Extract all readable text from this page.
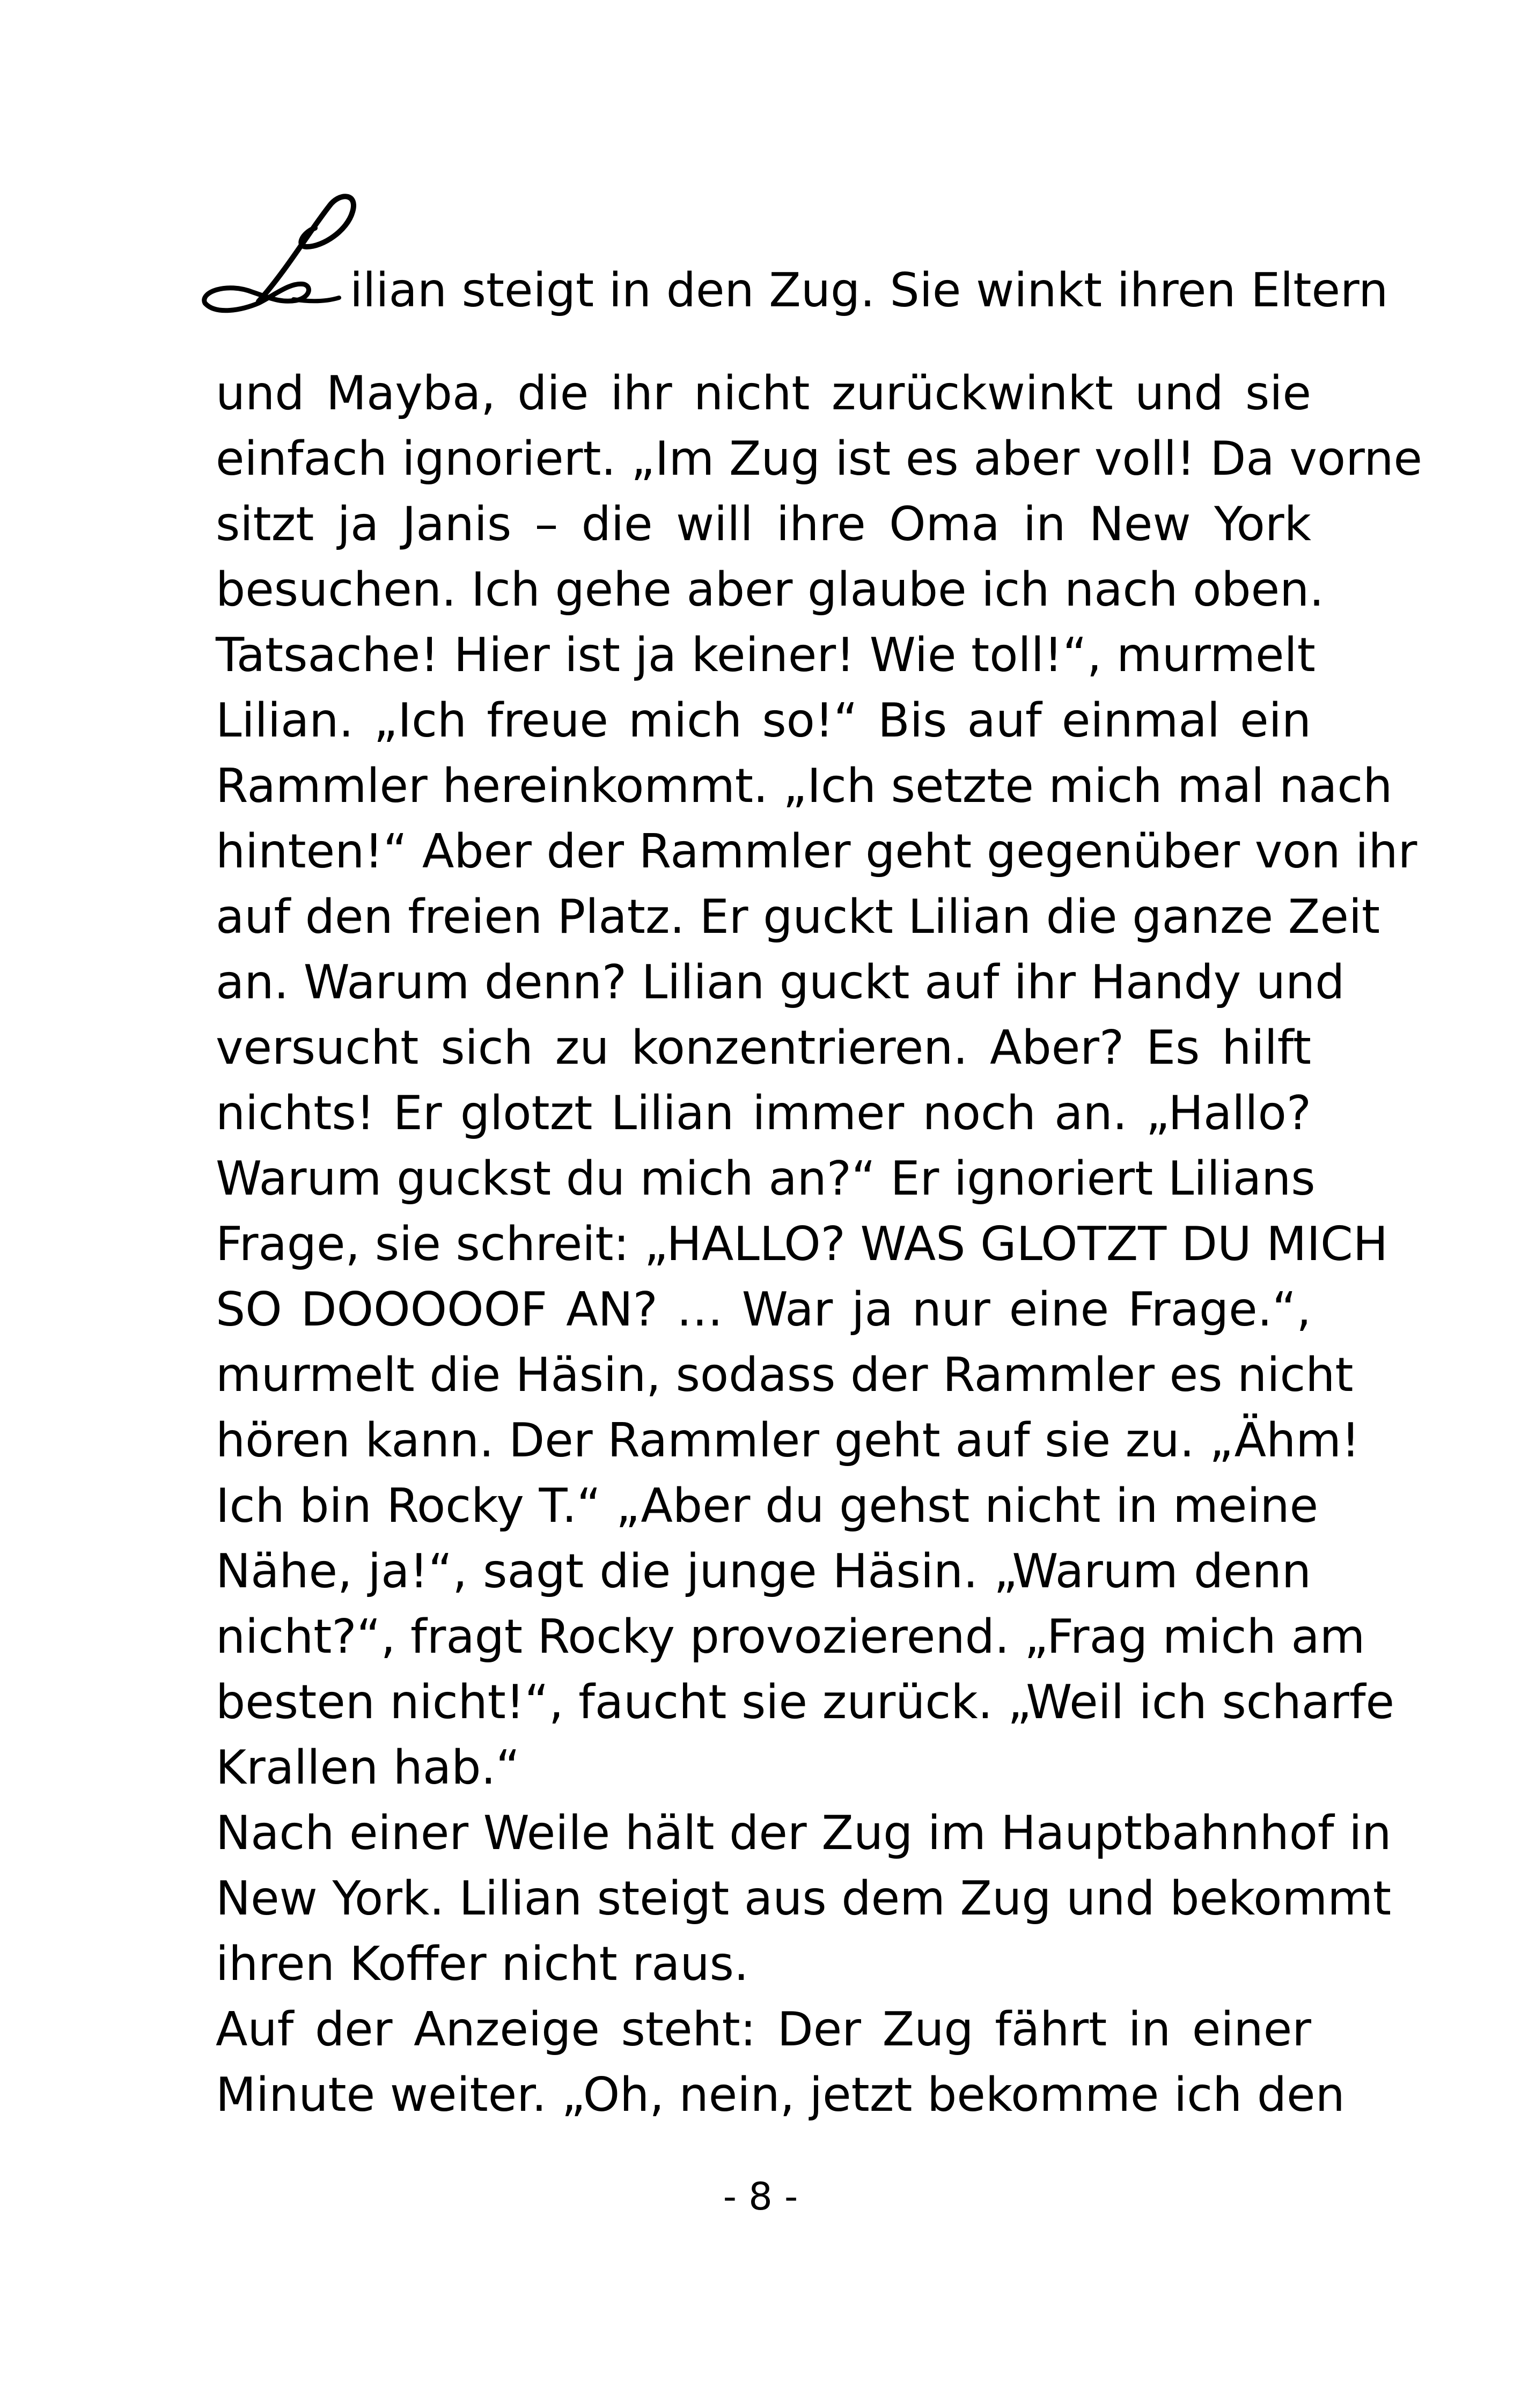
ilian steigt in den Zug. Sie winkt ihren Eltern
und Mayba, die ihr nicht zurückwinkt und sie
einfach ignoriert. „Im Zug ist es aber voll! Da vorne
sitzt ja Janis – die will ihre Oma in New York
besuchen. Ich gehe aber glaube ich nach oben.
Tatsache! Hier ist ja keiner! Wie toll!“, murmelt
Lilian. „Ich freue mich so!“ Bis auf einmal ein
Rammler hereinkommt. „Ich setzte mich mal nach
hinten!“ Aber der Rammler geht gegenüber von ihr
auf den freien Platz. Er guckt Lilian die ganze Zeit
an. Warum denn? Lilian guckt auf ihr Handy und
versucht sich zu konzentrieren. Aber? Es hilft
nichts! Er glotzt Lilian immer noch an. „Hallo?
Warum guckst du mich an?“ Er ignoriert Lilians
Frage, sie schreit: „HALLO? WAS GLOTZT DU MICH
SO DOOOOOF AN? … War ja nur eine Frage.“,
murmelt die Häsin, sodass der Rammler es nicht
hören kann. Der Rammler geht auf sie zu. „Ähm!
Ich bin Rocky T.“ „Aber du gehst nicht in meine
Nähe, ja!“, sagt die junge Häsin. „Warum denn
nicht?“, fragt Rocky provozierend. „Frag mich am
besten nicht!“, faucht sie zurück. „Weil ich scharfe
Krallen hab.“
Nach einer Weile hält der Zug im Hauptbahnhof in
New York. Lilian steigt aus dem Zug und bekommt
ihren Koffer nicht raus.
Auf der Anzeige steht: Der Zug fährt in einer
Minute weiter. „Oh, nein, jetzt bekomme ich den
- 8 -
